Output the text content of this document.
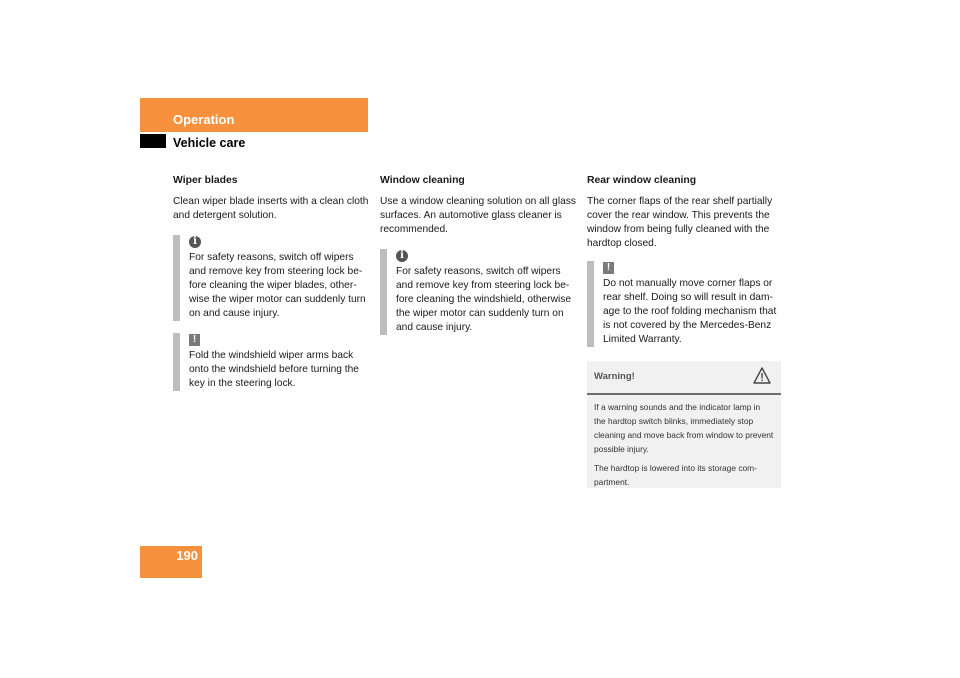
Operation
Vehicle care
Wiper blades

Clean wiper blade inserts with a clean cloth and detergent solution.

i

For safety reasons, switch off wipers and remove key from steering lock be-fore cleaning the wiper blades, other-wise the wiper motor can suddenly turn on and cause injury.

!

Fold the windshield wiper arms back onto the windshield before turning the key in the steering lock.

Window cleaning

Use a window cleaning solution on all glass surfaces. An automotive glass cleaner is recommended.

i

For safety reasons, switch off wipers and remove key from steering lock be-fore cleaning the windshield, otherwise the wiper motor can suddenly turn on and cause injury.

Rear window cleaning

The corner flaps of the rear shelf partially cover the rear window. This prevents the window from being fully cleaned with the hardtop closed.

!

Do not manually move corner flaps or rear shelf. Doing so will result in dam-age to the roof folding mechanism that is not covered by the Mercedes-Benz Limited Warranty.

Warning!

If a warning sounds and the indicator lamp in the hardtop switch blinks, immediately stop cleaning and move back from window to prevent possible injury.

The hardtop is lowered into its storage com-partment.

190
